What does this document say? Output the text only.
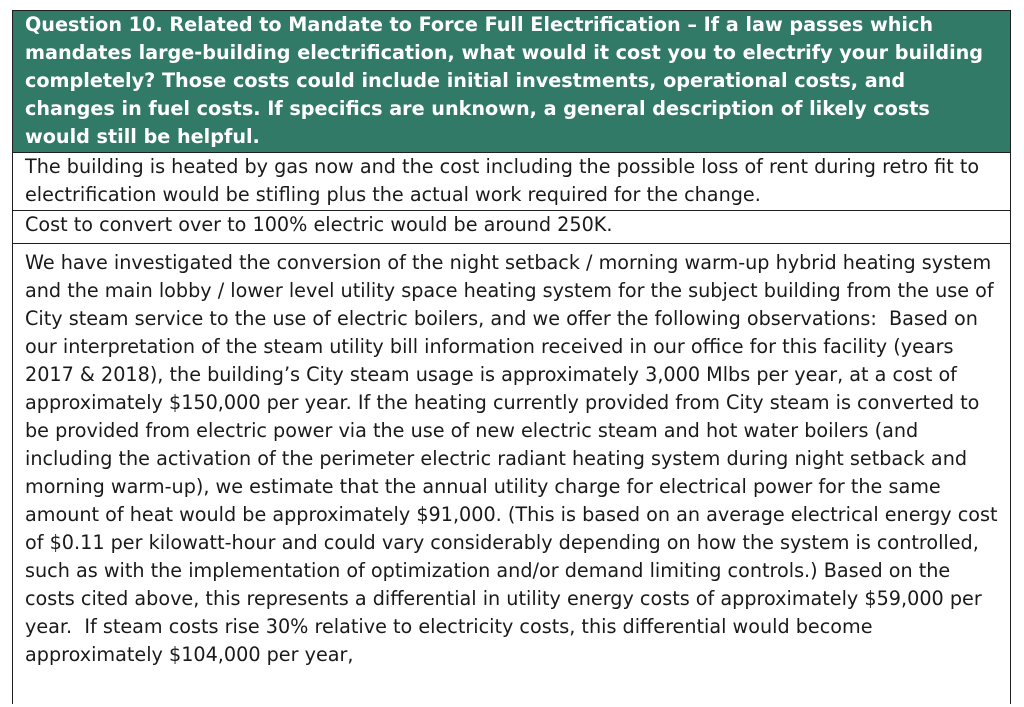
Question 10. Related to Mandate to Force Full Electrification – If a law passes which mandates large-building electrification, what would it cost you to electrify your building completely? Those costs could include initial investments, operational costs, and changes in fuel costs. If specifics are unknown, a general description of likely costs would still be helpful.
The building is heated by gas now and the cost including the possible loss of rent during retro fit to electrification would be stifling plus the actual work required for the change.
Cost to convert over to 100% electric would be around 250K.
We have investigated the conversion of the night setback / morning warm-up hybrid heating system and the main lobby / lower level utility space heating system for the subject building from the use of City steam service to the use of electric boilers, and we offer the following observations:  Based on our interpretation of the steam utility bill information received in our office for this facility (years 2017 & 2018), the building’s City steam usage is approximately 3,000 Mlbs per year, at a cost of approximately $150,000 per year. If the heating currently provided from City steam is converted to be provided from electric power via the use of new electric steam and hot water boilers (and including the activation of the perimeter electric radiant heating system during night setback and morning warm-up), we estimate that the annual utility charge for electrical power for the same amount of heat would be approximately $91,000. (This is based on an average electrical energy cost of $0.11 per kilowatt-hour and could vary considerably depending on how the system is controlled, such as with the implementation of optimization and/or demand limiting controls.) Based on the costs cited above, this represents a differential in utility energy costs of approximately $59,000 per year.  If steam costs rise 30% relative to electricity costs, this differential would become approximately $104,000 per year,
